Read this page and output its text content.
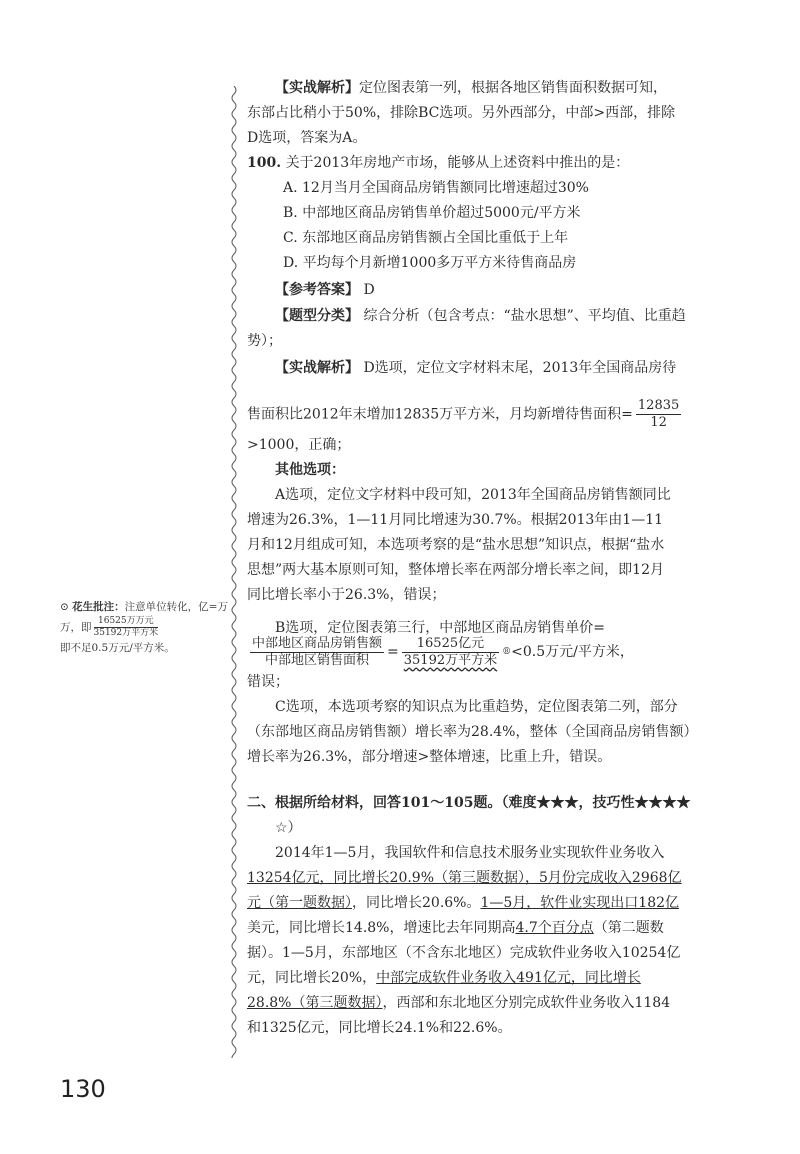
⊙ 花生批注：注意单位转化，亿=万万，即
16525万万元
35192万平方米

即不足0.5万元/平方米。
【实战解析】定位图表第一列，根据各地区销售面积数据可知，
东部占比稍小于50%，排除BC选项。另外西部分，中部>西部，排除
D选项，答案为A。
100. 关于2013年房地产市场，能够从上述资料中推出的是：
A. 12月当月全国商品房销售额同比增速超过30%
B. 中部地区商品房销售单价超过5000元/平方米
C. 东部地区商品房销售额占全国比重低于上年
D. 平均每个月新增1000多万平方米待售商品房
【参考答案】 D
【题型分类】 综合分析（包含考点：“盐水思想”、平均值、比重趋
势）；
【实战解析】 D选项，定位文字材料末尾，2013年全国商品房待
售面积比2012年末增加12835万平方米，月均新增待售面积= $\frac{12835}{12}$
>1000，正确；
其他选项：
A选项，定位文字材料中段可知，2013年全国商品房销售额同比
增速为26.3%，1—11月同比增速为30.7%。根据2013年由1—11
月和12月组成可知，本选项考察的是“盐水思想”知识点，根据“盐水
思想”两大基本原则可知，整体增长率在两部分增长率之间，即12月
同比增长率小于26.3%，错误；
B选项，定位图表第三行，中部地区商品房销售单价=
$\frac{\text{中部地区商品房销售额}}{\text{中部地区销售面积}} = \frac{\text{16525亿元}}{\text{35192万平方米}} ®<0.5$万元/平方米，
错误；
C选项，本选项考察的知识点为比重趋势，定位图表第二列，部分
（东部地区商品房销售额）增长率为28.4%，整体（全国商品房销售额）
增长率为26.3%，部分增速>整体增速，比重上升，错误。
二、根据所给材料，回答101～105题。（难度★★★，技巧性★★★★
☆）
2014年1—5月，我国软件和信息技术服务业实现软件业务收入
13254亿元，同比增长20.9%（第三题数据），5月份完成收入2968亿
元（第一题数据），同比增长20.6%。1—5月，软件业实现出口182亿
美元，同比增长14.8%，增速比去年同期高4.7个百分点（第二题数
据）。1—5月，东部地区（不含东北地区）完成软件业务收入10254亿
元，同比增长20%，中部完成软件业务收入491亿元，同比增长
28.8%（第三题数据），西部和东北地区分别完成软件业务收入1184
和1325亿元，同比增长24.1%和22.6%。
130
